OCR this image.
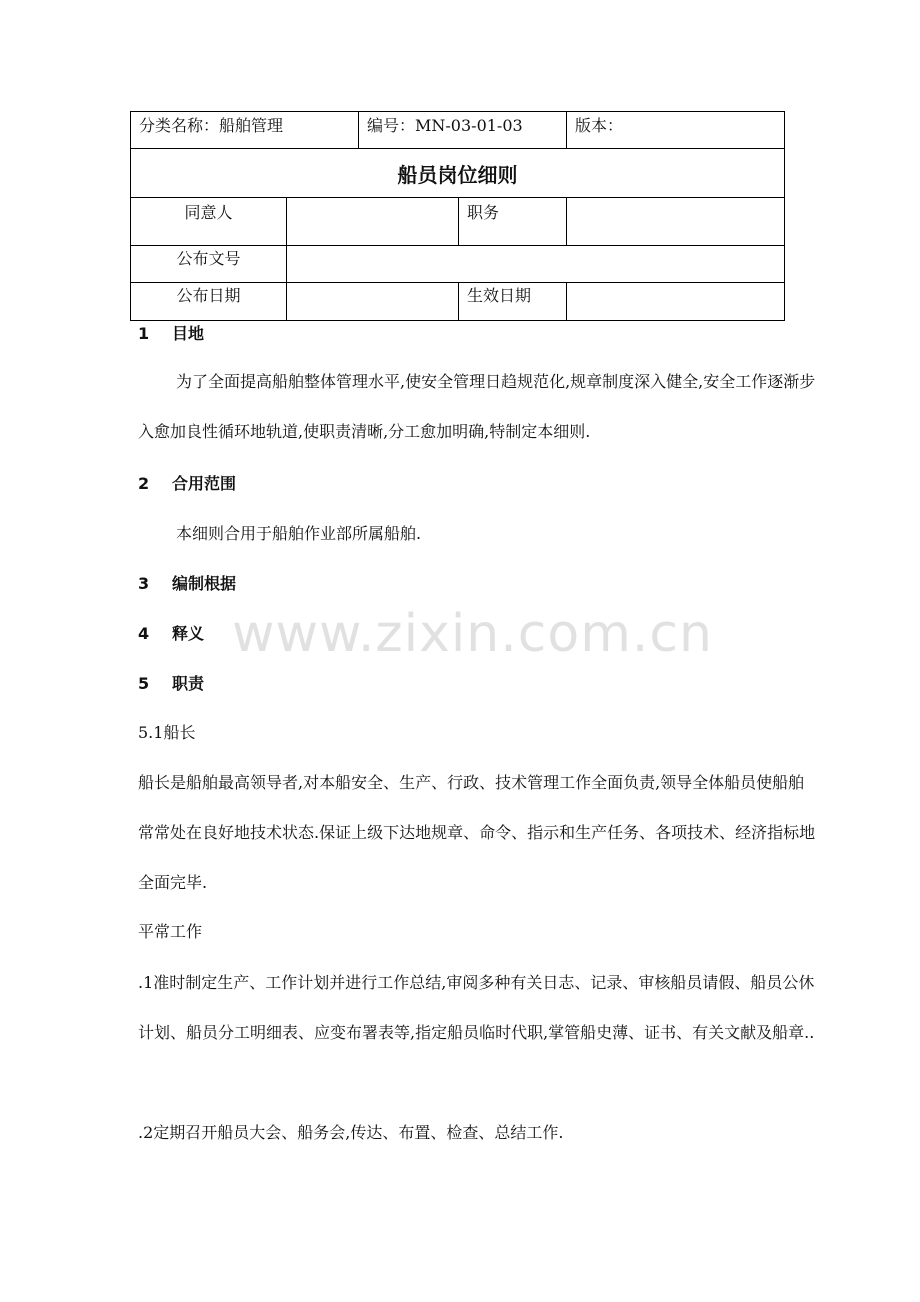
分类名称：船舶管理		编号：MN-03-01-03		版本：
船员岗位细则				
同意人			职务	
公布文号				
公布日期			生效日期	
1 目地
为了全面提高船舶整体管理水平,使安全管理日趋规范化,规章制度深入健全,安全工作逐渐步入愈加良性循环地轨道,使职责清晰,分工愈加明确,特制定本细则.
2 合用范围
本细则合用于船舶作业部所属船舶.
3 编制根据
4 释义
5 职责
5.1船长
船长是船舶最高领导者,对本船安全、生产、行政、技术管理工作全面负责,领导全体船员使船舶常常处在良好地技术状态.保证上级下达地规章、命令、指示和生产任务、各项技术、经济指标地全面完毕.
平常工作
.1准时制定生产、工作计划并进行工作总结,审阅多种有关日志、记录、审核船员请假、船员公休计划、船员分工明细表、应变布署表等,指定船员临时代职,掌管船史薄、证书、有关文献及船章..
.2定期召开船员大会、船务会,传达、布置、检查、总结工作.
www.zixin.com.cn
